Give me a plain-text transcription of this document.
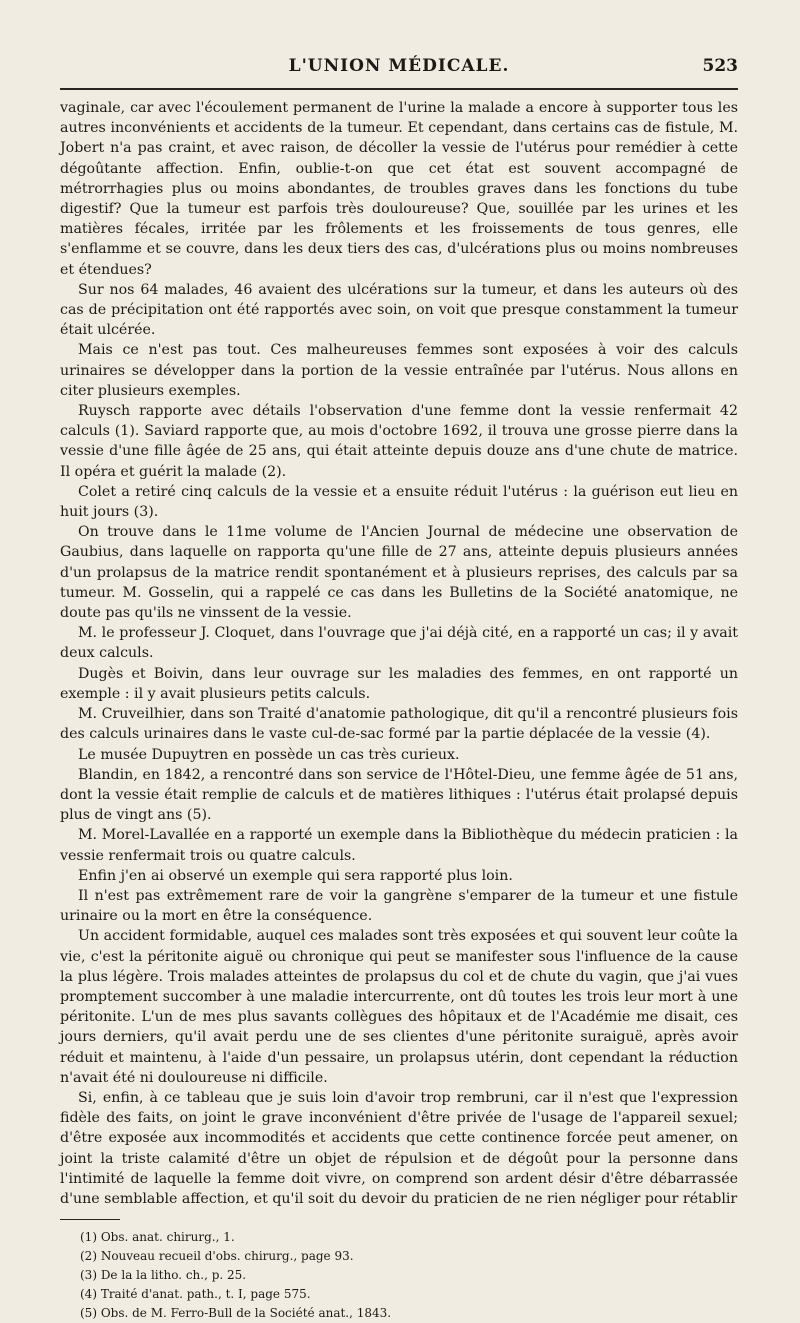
L'UNION MÉDICALE.	523

vaginale, car avec l'écoulement permanent de l'urine la malade a encore à supporter tous les autres inconvénients et accidents de la tumeur. Et cependant, dans certains cas de fistule, M. Jobert n'a pas craint, et avec raison, de décoller la vessie de l'utérus pour remédier à cette dégoûtante affection. Enfin, oublie-t-on que cet état est souvent accompagné de métrorrhagies plus ou moins abondantes, de troubles graves dans les fonctions du tube digestif? Que la tumeur est parfois très douloureuse? Que, souillée par les urines et les matières fécales, irritée par les frôlements et les froissements de tous genres, elle s'enflamme et se couvre, dans les deux tiers des cas, d'ulcérations plus ou moins nombreuses et étendues?

Sur nos 64 malades, 46 avaient des ulcérations sur la tumeur, et dans les auteurs où des cas de précipitation ont été rapportés avec soin, on voit que presque constamment la tumeur était ulcérée.

Mais ce n'est pas tout. Ces malheureuses femmes sont exposées à voir des calculs urinaires se développer dans la portion de la vessie entraînée par l'utérus. Nous allons en citer plusieurs exemples.

Ruysch rapporte avec détails l'observation d'une femme dont la vessie renfermait 42 calculs (1). Saviard rapporte que, au mois d'octobre 1692, il trouva une grosse pierre dans la vessie d'une fille âgée de 25 ans, qui était atteinte depuis douze ans d'une chute de matrice. Il opéra et guérit la malade (2).

Colet a retiré cinq calculs de la vessie et a ensuite réduit l'utérus : la guérison eut lieu en huit jours (3).

On trouve dans le 11me volume de l'Ancien Journal de médecine une observation de Gaubius, dans laquelle on rapporta qu'une fille de 27 ans, atteinte depuis plusieurs années d'un prolapsus de la matrice rendit spontanément et à plusieurs reprises, des calculs par sa tumeur. M. Gosselin, qui a rappelé ce cas dans les Bulletins de la Société anatomique, ne doute pas qu'ils ne vinssent de la vessie.

M. le professeur J. Cloquet, dans l'ouvrage que j'ai déjà cité, en a rapporté un cas; il y avait deux calculs.

Dugès et Boivin, dans leur ouvrage sur les maladies des femmes, en ont rapporté un exemple : il y avait plusieurs petits calculs.

M. Cruveilhier, dans son Traité d'anatomie pathologique, dit qu'il a rencontré plusieurs fois des calculs urinaires dans le vaste cul-de-sac formé par la partie déplacée de la vessie (4).

Le musée Dupuytren en possède un cas très curieux.

Blandin, en 1842, a rencontré dans son service de l'Hôtel-Dieu, une femme âgée de 51 ans, dont la vessie était remplie de calculs et de matières lithiques : l'utérus était prolapsé depuis plus de vingt ans (5).

M. Morel-Lavallée en a rapporté un exemple dans la Bibliothèque du médecin praticien : la vessie renfermait trois ou quatre calculs.

Enfin j'en ai observé un exemple qui sera rapporté plus loin.

Il n'est pas extrêmement rare de voir la gangrène s'emparer de la tumeur et une fistule urinaire ou la mort en être la conséquence.

Un accident formidable, auquel ces malades sont très exposées et qui souvent leur coûte la vie, c'est la péritonite aiguë ou chronique qui peut se manifester sous l'influence de la cause la plus légère. Trois malades atteintes de prolapsus du col et de chute du vagin, que j'ai vues promptement succomber à une maladie intercurrente, ont dû toutes les trois leur mort à une péritonite. L'un de mes plus savants collègues des hôpitaux et de l'Académie me disait, ces jours derniers, qu'il avait perdu une de ses clientes d'une péritonite suraiguë, après avoir réduit et maintenu, à l'aide d'un pessaire, un prolapsus utérin, dont cependant la réduction n'avait été ni douloureuse ni difficile.

Si, enfin, à ce tableau que je suis loin d'avoir trop rembruni, car il n'est que l'expression fidèle des faits, on joint le grave inconvénient d'être privée de l'usage de l'appareil sexuel; d'être exposée aux incommodités et accidents que cette continence forcée peut amener, on joint la triste calamité d'être un objet de répulsion et de dégoût pour la personne dans l'intimité de laquelle la femme doit vivre, on comprend son ardent désir d'être débarrassée d'une semblable affection, et qu'il soit du devoir du praticien de ne rien négliger pour rétablir

(1) Obs. anat. chirurg., 1.

(2) Nouveau recueil d'obs. chirurg., page 93.

(3) De la la litho. ch., p. 25.

(4) Traité d'anat. path., t. I, page 575.

(5) Obs. de M. Ferro-Bull de la Société anat., 1843.
